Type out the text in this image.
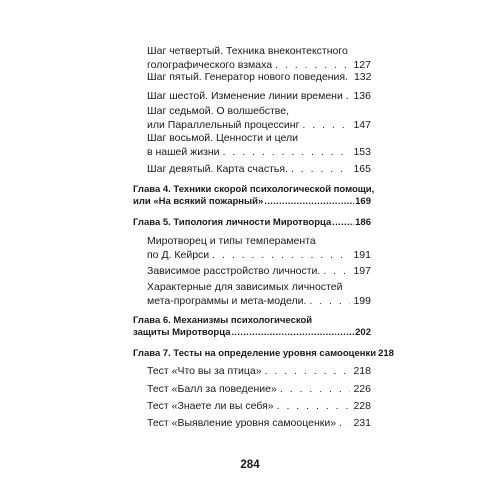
Шаг четвертый. Техника внеконтекстного
голографического взмаха . . .	127
Шаг пятый. Генератор нового поведения. 132
Шаг шестой. Изменение линии времени . . . 136
Шаг седьмой. О волшебстве,
или Параллельный процессинг . . .	147
Шаг восьмой. Ценности и цели
в нашей жизни . . .	153
Шаг девятый. Карта счастья. . . .	165
Глава 4. Техники скорой психологической помощи,
или «На всякий пожарный» .....	169
Глава 5. Типология личности Миротворца .....	186
Миротворец и типы темперамента
по Д. Кейрси . . .	191
Зависимое расстройство личности. . . .	197
Характерные для зависимых личностей
мета-программы и мета-модели. . . .	199
Глава 6. Механизмы психологической
защиты Миротворца .....	202
Глава 7. Тесты на определение уровня самооценки 218
Тест «Что вы за птица» . . .	218
Тест «Балл за поведение» . . .	226
Тест «Знаете ли вы себя» . . .	228
Тест «Выявление уровня самооценки» . . . 231
284
